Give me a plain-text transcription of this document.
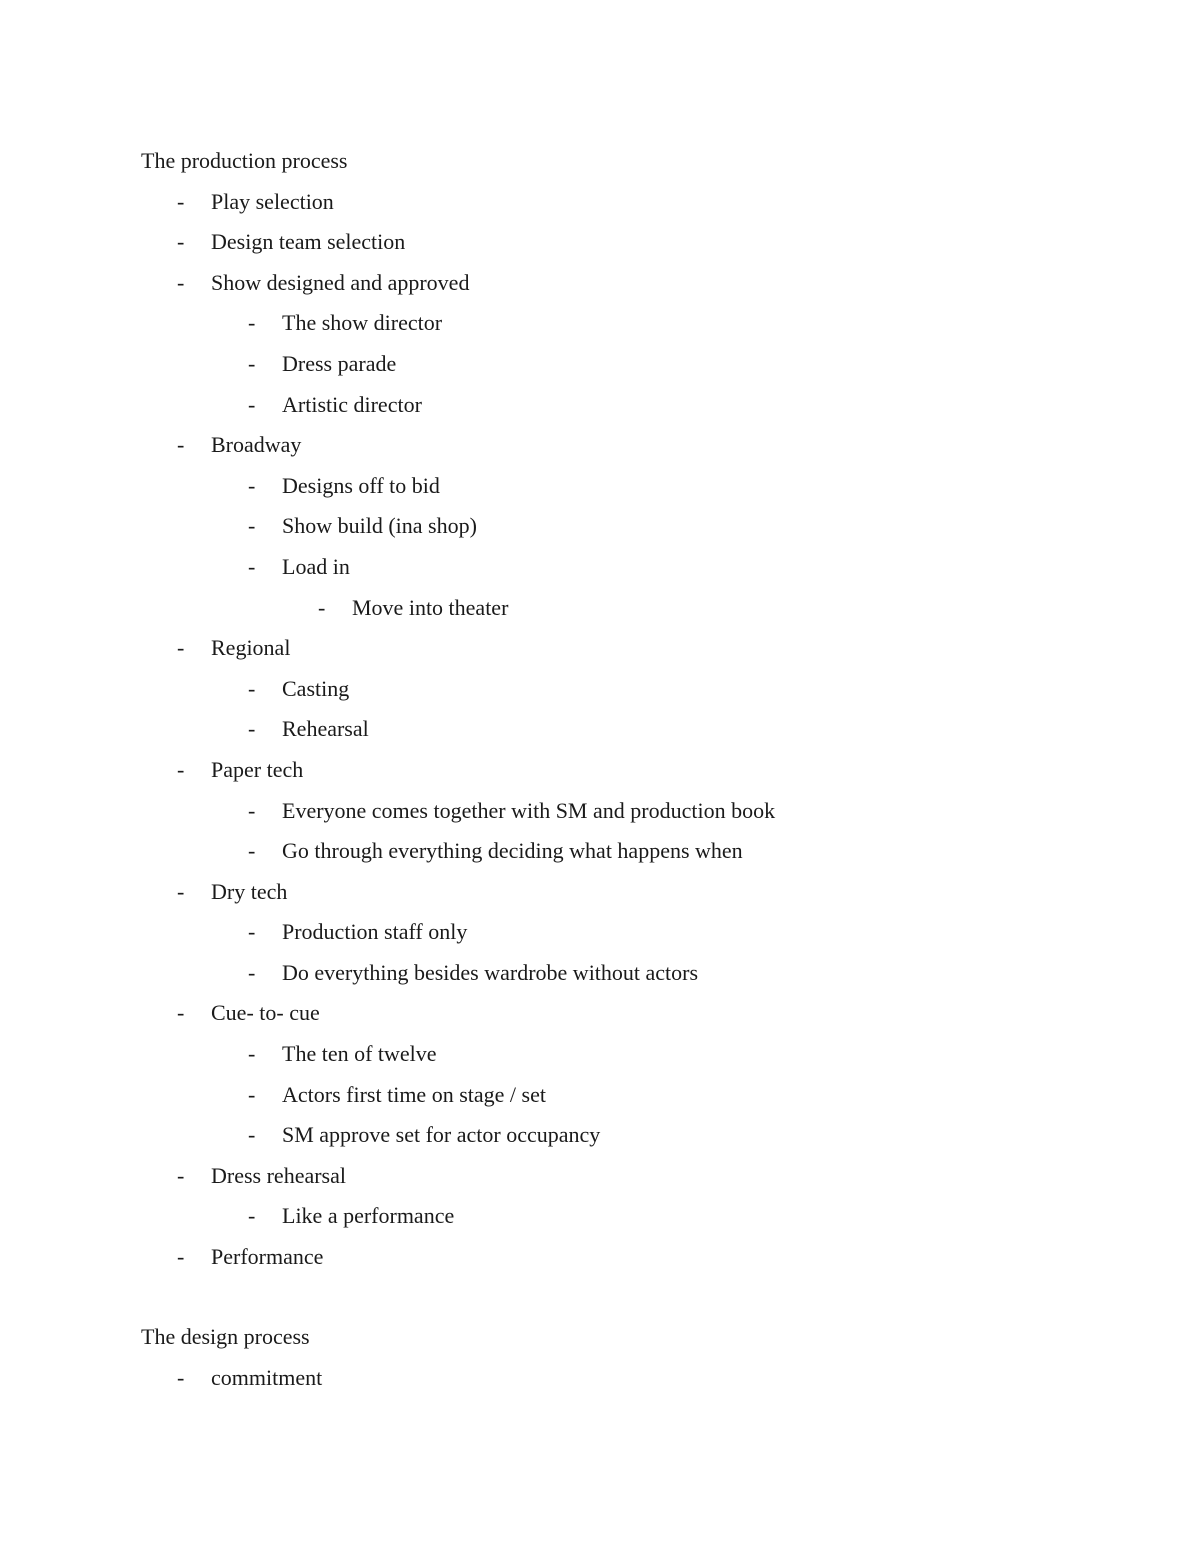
The production process
- Play selection
- Design team selection
- Show designed and approved
- The show director
- Dress parade
- Artistic director
- Broadway
- Designs off to bid
- Show build (ina shop)
- Load in
- Move into theater
- Regional
- Casting
- Rehearsal
- Paper tech
- Everyone comes together with SM and production book
- Go through everything deciding what happens when
- Dry tech
- Production staff only
- Do everything besides wardrobe without actors
- Cue- to- cue
- The ten of twelve
- Actors first time on stage / set
- SM approve set for actor occupancy
- Dress rehearsal
- Like a performance
- Performance
The design process
- commitment
